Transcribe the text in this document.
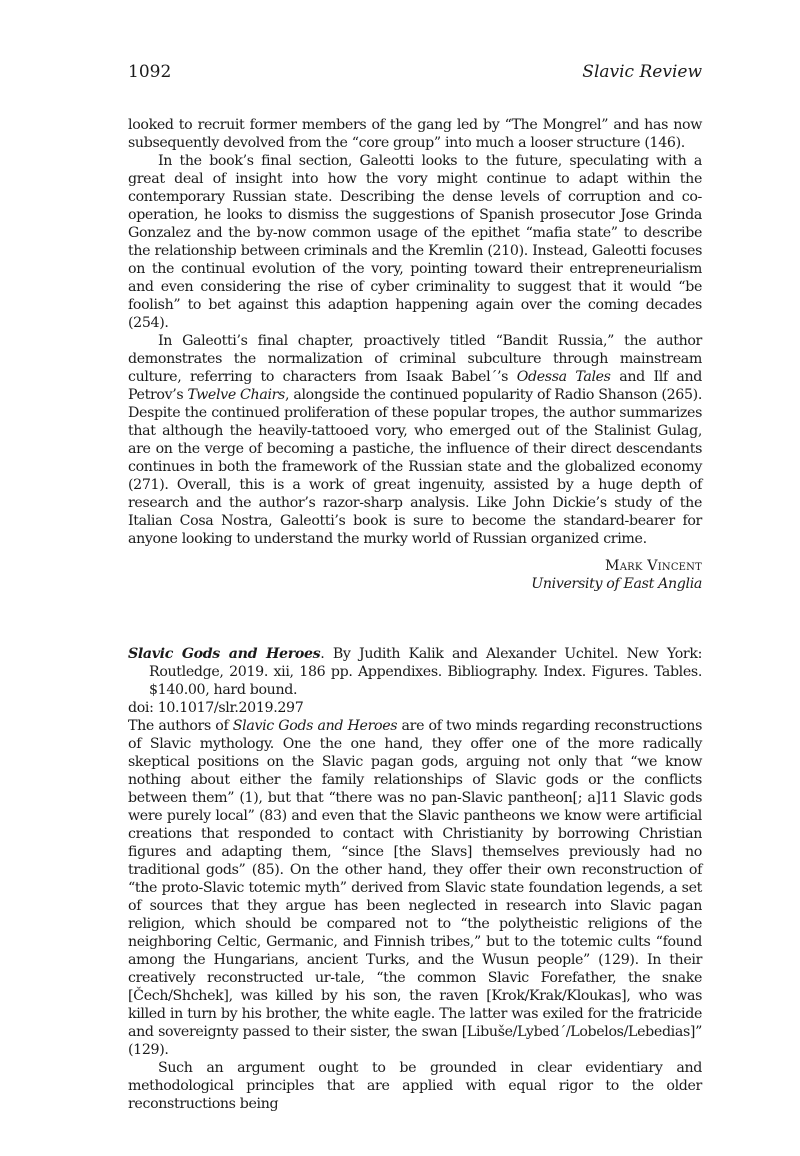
1092	Slavic Review

looked to recruit former members of the gang led by “The Mongrel” and has now subsequently devolved from the “core group” into much a looser structure (146).

In the book’s final section, Galeotti looks to the future, speculating with a great deal of insight into how the vory might continue to adapt within the contemporary Russian state. Describing the dense levels of corruption and co-operation, he looks to dismiss the suggestions of Spanish prosecutor Jose Grinda Gonzalez and the by-now common usage of the epithet “mafia state” to describe the relationship between criminals and the Kremlin (210). Instead, Galeotti focuses on the continual evolution of the vory, pointing toward their entrepreneurialism and even considering the rise of cyber criminality to suggest that it would “be foolish” to bet against this adaption happening again over the coming decades (254).

In Galeotti’s final chapter, proactively titled “Bandit Russia,” the author demonstrates the normalization of criminal subculture through mainstream culture, referring to characters from Isaak Babel´’s Odessa Tales and Ilf and Petrov’s Twelve Chairs, alongside the continued popularity of Radio Shanson (265). Despite the continued proliferation of these popular tropes, the author summarizes that although the heavily-tattooed vory, who emerged out of the Stalinist Gulag, are on the verge of becoming a pastiche, the influence of their direct descendants continues in both the framework of the Russian state and the globalized economy (271). Overall, this is a work of great ingenuity, assisted by a huge depth of research and the author’s razor-sharp analysis. Like John Dickie’s study of the Italian Cosa Nostra, Galeotti’s book is sure to become the standard-bearer for anyone looking to understand the murky world of Russian organized crime.

Mark Vincent
University of East Anglia

Slavic Gods and Heroes. By Judith Kalik and Alexander Uchitel. New York: Routledge, 2019. xii, 186 pp. Appendixes. Bibliography. Index. Figures. Tables. $140.00, hard bound.

doi: 10.1017/slr.2019.297

The authors of Slavic Gods and Heroes are of two minds regarding reconstructions of Slavic mythology. One the one hand, they offer one of the more radically skeptical positions on the Slavic pagan gods, arguing not only that “we know nothing about either the family relationships of Slavic gods or the conflicts between them” (1), but that “there was no pan-Slavic pantheon[; a]11 Slavic gods were purely local” (83) and even that the Slavic pantheons we know were artificial creations that responded to contact with Christianity by borrowing Christian figures and adapting them, “since [the Slavs] themselves previously had no traditional gods” (85). On the other hand, they offer their own reconstruction of “the proto-Slavic totemic myth” derived from Slavic state foundation legends, a set of sources that they argue has been neglected in research into Slavic pagan religion, which should be compared not to “the polytheistic religions of the neighboring Celtic, Germanic, and Finnish tribes,” but to the totemic cults “found among the Hungarians, ancient Turks, and the Wusun people” (129). In their creatively reconstructed ur-tale, “the common Slavic Forefather, the snake [Čech/Shchek], was killed by his son, the raven [Krok/Krak/Kloukas], who was killed in turn by his brother, the white eagle. The latter was exiled for the fratricide and sovereignty passed to their sister, the swan [Libuše/Lybed´/Lobelos/Lebedias]” (129).

Such an argument ought to be grounded in clear evidentiary and methodological principles that are applied with equal rigor to the older reconstructions being
